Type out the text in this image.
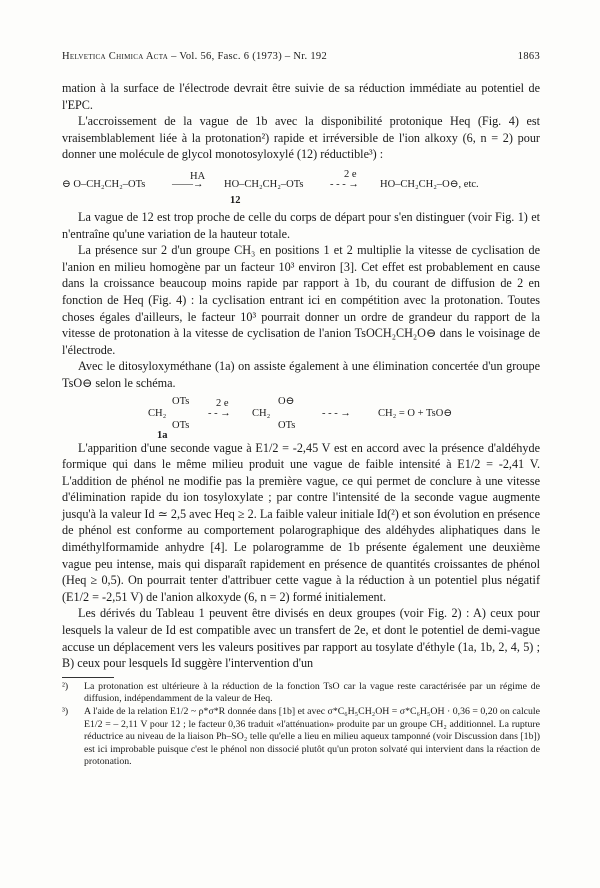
Helvetica Chimica Acta – Vol. 56, Fasc. 6 (1973) – Nr. 192	1863

mation à la surface de l'électrode devrait être suivie de sa réduction immédiate au potentiel de l'EPC.

L'accroissement de la vague de 1b avec la disponibilité protonique Heq (Fig. 4) est vraisemblablement liée à la protonation²) rapide et irréversible de l'ion alkoxy (6, n = 2) pour donner une molécule de glycol monotosyloxylé (12) réductible³) :

⊖ O–CH₂CH₂–OTs
HA
——→ HO–CH₂CH₂–OTs
2 e
- - - → HO–CH₂CH₂–O⊖, etc.
12

La vague de 12 est trop proche de celle du corps de départ pour s'en distinguer (voir Fig. 1) et n'entraîne qu'une variation de la hauteur totale.

La présence sur 2 d'un groupe CH₃ en positions 1 et 2 multiplie la vitesse de cyclisation de l'anion en milieu homogène par un facteur 10³ environ [3]. Cet effet est probablement en cause dans la croissance beaucoup moins rapide par rapport à 1b, du courant de diffusion de 2 en fonction de Heq (Fig. 4) : la cyclisation entrant ici en compétition avec la protonation. Toutes choses égales d'ailleurs, le facteur 10³ pourrait donner un ordre de grandeur du rapport de la vitesse de protonation à la vitesse de cyclisation de l'anion TsOCH₂CH₂O⊖ dans le voisinage de l'électrode.

Avec le ditosyloxyméthane (1a) on assiste également à une élimination concertée d'un groupe TsO⊖ selon le schéma.

OTs
CH₂
OTs
1a
2 e
- - →
O⊖
CH₂
OTs
- - - →	CH₂ = O + TsO⊖

L'apparition d'une seconde vague à E1/2 = -2,45 V est en accord avec la présence d'aldéhyde formique qui dans le même milieu produit une vague de faible intensité à E1/2 = -2,41 V. L'addition de phénol ne modifie pas la première vague, ce qui permet de conclure à une vitesse d'élimination rapide du ion tosyloxylate ; par contre l'intensité de la seconde vague augmente jusqu'à la valeur Id ≃ 2,5 avec Heq ≥ 2. La faible valeur initiale Id(²) et son évolution en présence de phénol est conforme au comportement polarographique des aldéhydes aliphatiques dans le diméthylformamide anhydre [4]. Le polarogramme de 1b présente également une deuxième vague peu intense, mais qui disparaît rapidement en présence de quantités croissantes de phénol (Heq ≥ 0,5). On pourrait tenter d'attribuer cette vague à la réduction à un potentiel plus négatif (E1/2 = -2,51 V) de l'anion alkoxyde (6, n = 2) formé initialement.

Les dérivés du Tableau 1 peuvent être divisés en deux groupes (voir Fig. 2) : A) ceux pour lesquels la valeur de Id est compatible avec un transfert de 2e, et dont le potentiel de demi-vague accuse un déplacement vers les valeurs positives par rapport au tosylate d'éthyle (1a, 1b, 2, 4, 5) ; B) ceux pour lesquels Id suggère l'intervention d'un

²) La protonation est ultérieure à la réduction de la fonction TsO car la vague reste caractérisée par un régime de diffusion, indépendamment de la valeur de Heq.
³) A l'aide de la relation E1/2 ~ ρ*σ*R donnée dans [1b] et avec σ*C₆H₅CH₂OH = σ*C₆H₅OH · 0,36 = 0,20 on calcule E1/2 = – 2,11 V pour 12 ; le facteur 0,36 traduit «l'atténuation» produite par un groupe CH₂ additionnel. La rupture réductrice au niveau de la liaison Ph–SO₂ telle qu'elle a lieu en milieu aqueux tamponné (voir Discussion dans [1b]) est ici improbable puisque c'est le phénol non dissocié plutôt qu'un proton solvaté qui intervient dans la réaction de protonation.
